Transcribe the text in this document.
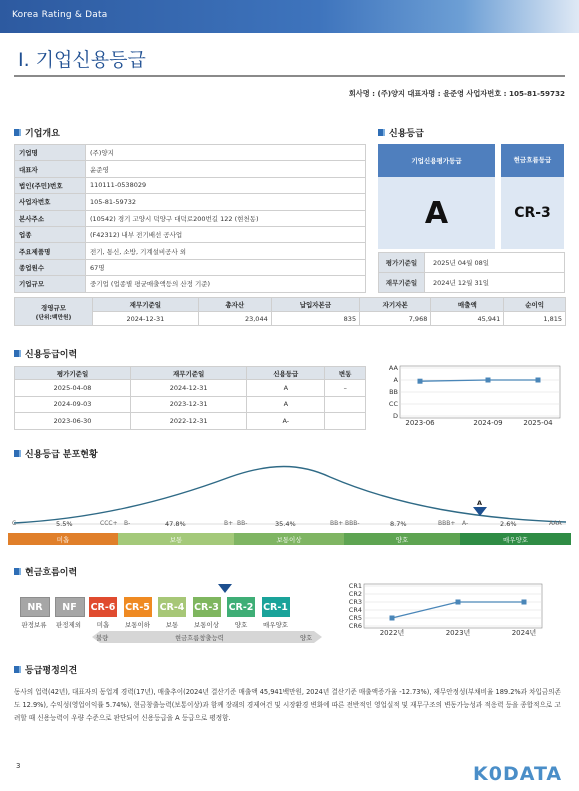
Korea Rating & Data
I. 기업신용등급
회사명 : (주)양지 대표자명 : 윤준영 사업자번호 : 105-81-59732
기업개요
기업명	(주)양지
대표자	윤준영
법인(주민)번호	110111-0538029
사업자번호	105-81-59732
본사주소	(10542) 경기 고양시 덕양구 대덕로200번길 122 (현천동)
업종	(F42312) 내부 전기배선 공사업
주요제품명	전기, 통신, 소방, 기계설비공사 외
종업원수	67명
기업규모	중기업 (업종별 평균매출액등의 산정 기준)
경영규모
(단위:백만원)	재무기준일	총자산	납입자본금	자기자본	매출액	순이익
	2024-12-31	23,044	835	7,968	45,941	1,815
신용등급
기업신용평가등급	현금흐름등급
A	CR-3
평가기준일	2025년 04월 08일
재무기준일	2024년 12월 31일
신용등급이력
평가기준일	재무기준일	신용등급	변동
2025-04-08	2024-12-31	A	–
2024-09-03	2023-12-31	A	
2023-06-30	2022-12-31	A-	
AA
A
BB
CC
D
2023-06	2024-09	2025-04
신용등급 분포현황
A
C	CCC+ B-	B+ BB-	BB+ BBB-	BBB+ A-	AAA
5.5%	47.8%	35.4%	8.7%	2.6%
미흡	보통	보통이상	양호	매우양호
현금흐름이력
NR
판정보류
NF
판정제외
CR-6
미흡
CR-5
보통이하
CR-4
보통
CR-3
보통이상
CR-2
양호
CR-1
매우양호
불량	현금흐름창출능력	양호
CR1
CR2
CR3
CR4
CR5
CR6
2022년	2023년	2024년
등급평정의견
동사의 업력(42년), 대표자의 동업계 경력(17년), 매출추이(2024년 결산기준 매출액 45,941백만원, 2024년 결산기준 매출액증가율 -12.73%), 재무안정성(부채비율 189.2%과 차입금의존도 12.9%), 수익성(영업이익률 5.74%), 현금창출능력(보통이상)과 함께 장래의 경제여건 및 시장환경 변화에 따른 전반적인 영업실적 및 재무구조의 변동가능성과 적응력 등을 종합적으로 고려할 때 신용능력이 우량 수준으로 판단되어 신용등급을 A 등급으로 평정함.
3	K0DATA
